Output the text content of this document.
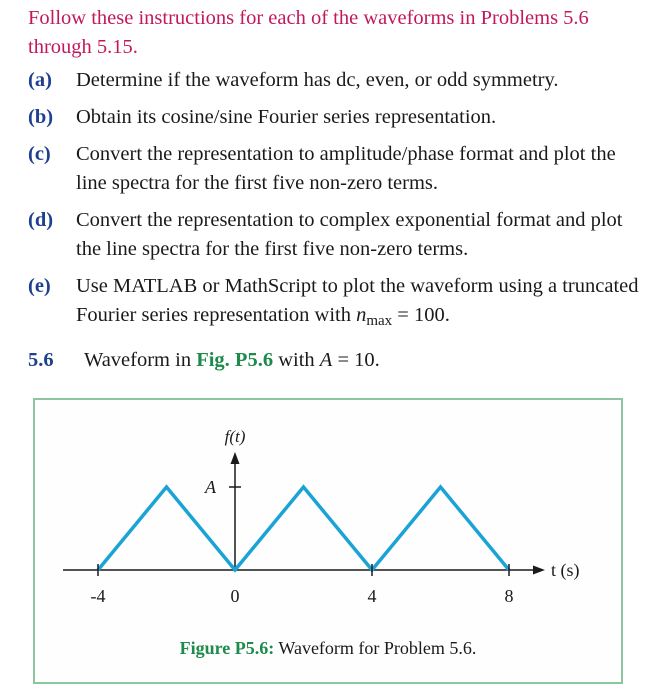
Follow these instructions for each of the waveforms in Problems 5.6 through 5.15.
(a)	Determine if the waveform has dc, even, or odd symmetry.
(b)	Obtain its cosine/sine Fourier series representation.
(c)	Convert the representation to amplitude/phase format and plot the line spectra for the first five non-zero terms.
(d)	Convert the representation to complex exponential format and plot the line spectra for the first five non-zero terms.
(e)	Use MATLAB or MathScript to plot the waveform using a truncated Fourier series representation with $n_{max} = 100$.
5.6 Waveform in Fig. P5.6 with A = 10.
f(t)
A
t (s)
-4	0	4	8
Figure P5.6: Waveform for Problem 5.6.
